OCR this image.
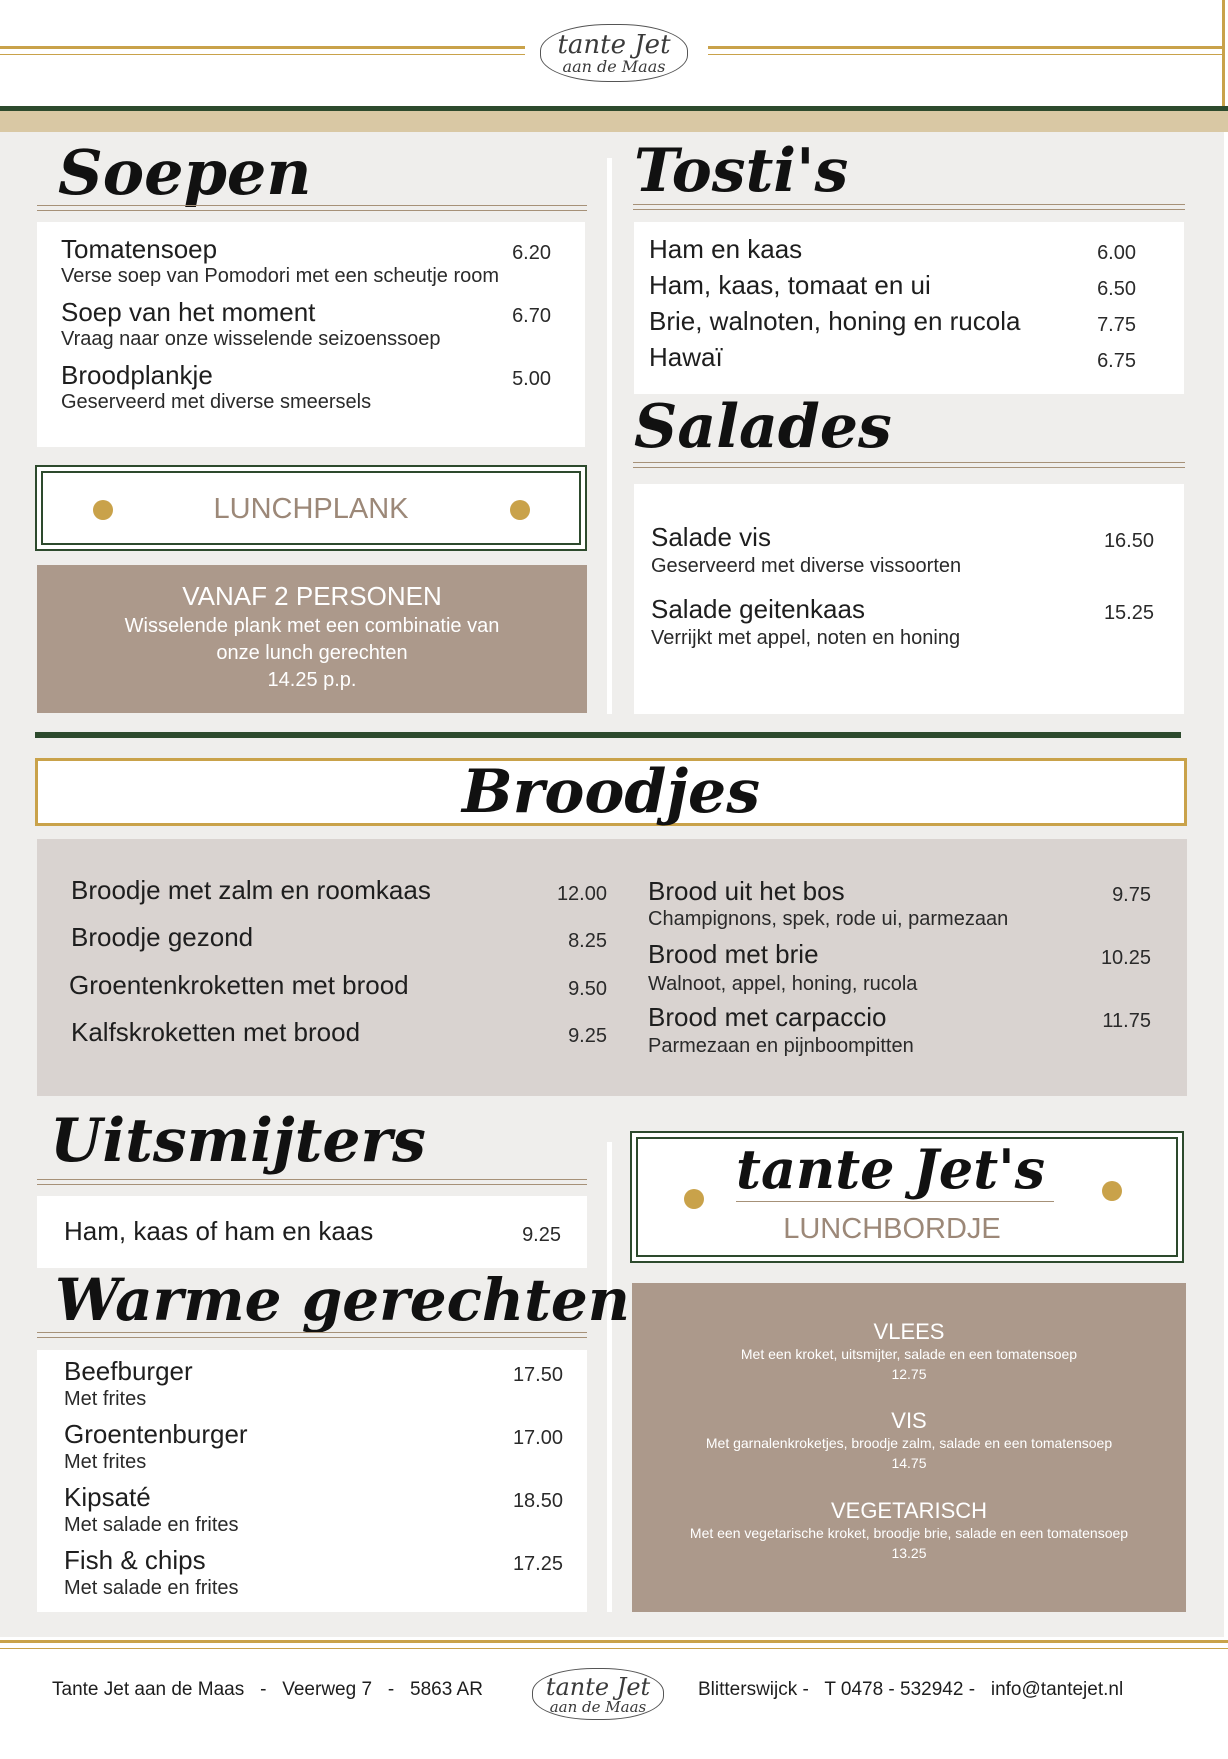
tante Jet
aan de Maas
Soepen
Tomatensoep	6.20
Verse soep van Pomodori met een scheutje room
Soep van het moment	6.70
Vraag naar onze wisselende seizoenssoep
Broodplankje	5.00
Geserveerd met diverse smeersels
LUNCHPLANK
VANAF 2 PERSONEN
Wisselende plank met een combinatie van
onze lunch gerechten
14.25 p.p.
Tosti's
Ham en kaas	6.00
Ham, kaas, tomaat en ui	6.50
Brie, walnoten, honing en rucola	7.75
Hawaï	6.75
Salades
Salade vis	16.50
Geserveerd met diverse vissoorten
Salade geitenkaas	15.25
Verrijkt met appel, noten en honing
Broodjes
Broodje met zalm en roomkaas	12.00
Broodje gezond	8.25
Groentenkroketten met brood	9.50
Kalfskroketten met brood	9.25
Brood uit het bos	9.75
Champignons, spek, rode ui, parmezaan
Brood met brie	10.25
Walnoot, appel, honing, rucola
Brood met carpaccio	11.75
Parmezaan en pijnboompitten
Uitsmijters
Ham, kaas of ham en kaas	9.25
Warme gerechten
Beefburger	17.50
Met frites
Groentenburger	17.00
Met frites
Kipsaté	18.50
Met salade en frites
Fish & chips	17.25
Met salade en frites
tante Jet's
LUNCHBORDJE
VLEES
Met een kroket, uitsmijter, salade en een tomatensoep
12.75
VIS
Met garnalenkroketjes, broodje zalm, salade en een tomatensoep
14.75
VEGETARISCH
Met een vegetarische kroket, broodje brie, salade en een tomatensoep
13.25
Tante Jet aan de Maas   -   Veerweg 7   -   5863 AR	tante Jet
aan de Maas
Blitterswijck -   T 0478 - 532942 -   info@tantejet.nl
